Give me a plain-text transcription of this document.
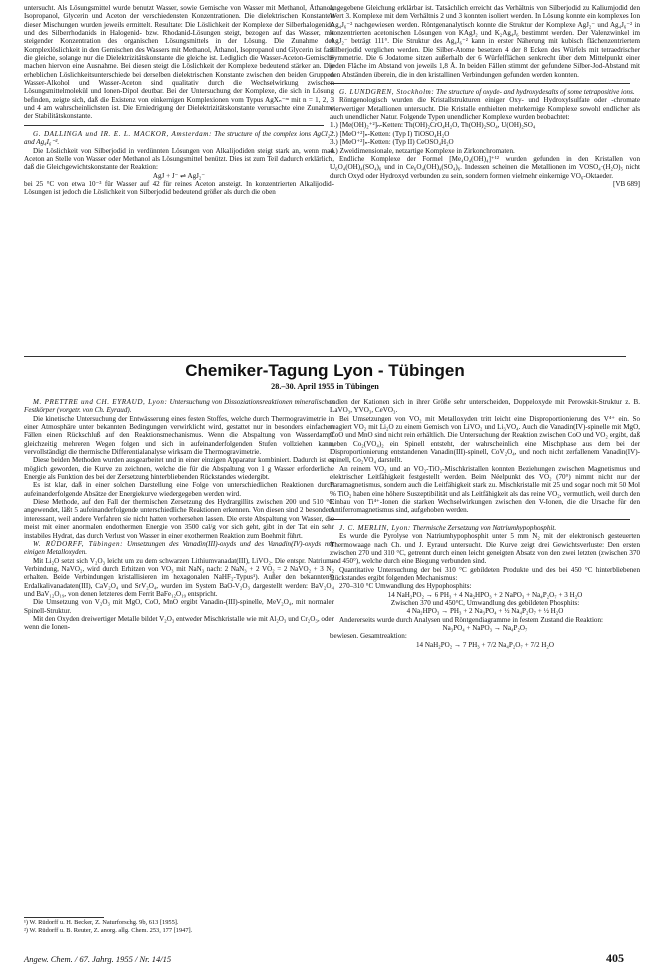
untersucht. Als Lösungsmittel wurde benutzt Wasser, sowie Gemische von Wasser mit Methanol, Äthanol, Isopropanol, Glycerin und Aceton der verschiedensten Konzentrationen. Die dielektrischen Konstanten dieser Mischungen wurden jeweils ermittelt. Resultate: Die Löslichkeit der Komplexe der Silberhalogenide und des Silberrhodanids in Halogenid- bzw. Rhodanid-Lösungen steigt, bezogen auf das Wasser, mit steigender Konzentration des organischen Lösungsmittels in der Lösung. Die Zunahme der Komplexlöslichkeit in den Gemischen des Wassers mit Methanol, Äthanol, Isopropanol und Glycerin ist fast die gleiche, solange nur die Dielektrizitätskonstante die gleiche ist. Lediglich die Wasser-Aceton-Gemische machen hiervon eine Ausnahme. Bei diesen steigt die Löslichkeit der Komplexe bedeutend stärker an. Die erheblichen Löslichkeitsunterschiede bei derselben dielektrischen Konstante zwischen den beiden Gruppen Wasser-Alkohol und Wasser-Aceton sind qualitativ durch die Wechselwirkung zwischen Lösungsmittelmolekül und Ionen-Dipol deutbar. Bei der Untersuchung der Komplexe, die sich in Lösung befinden, zeigte sich, daß die Existenz von einkernigen Komplexionen vom Typus AgXₙ⁻ᵐ mit n = 1, 2, 3 und 4 am wahrscheinlichsten ist. Die Erniedrigung der Dielektrizitätskonstante verursachte eine Zunahme der Stabilitätskonstante.

G. DALLINGA und IR. E. L. MACKOR, Amsterdam: The structure of the complex ions AgCl₂⁻ and Ag₄I₆⁻².

Die Löslichkeit von Silberjodid in verdünnten Lösungen von Alkalijodiden steigt stark an, wenn man Aceton an Stelle von Wasser oder Methanol als Lösungsmittel benützt. Dies ist zum Teil dadurch erklärlich, daß die Gleichgewichtskonstante der Reaktion:

AgJ + J⁻ ⇌ AgJ₂⁻

bei 25 °C von etwa 10⁻³ für Wasser auf 42 für reines Aceton ansteigt. In konzentrierten Alkalijodid-Lösungen ist jedoch die Löslichkeit von Silberjodid bedeutend größer als durch die oben

angegebene Gleichung erklärbar ist. Tatsächlich erreicht das Verhältnis von Silberjodid zu Kaliumjodid den Wert 3. Komplexe mit dem Verhältnis 2 und 3 konnten isoliert werden. In Lösung konnte ein komplexes Ion Ag₄J₆⁻² nachgewiesen werden. Röntgenanalytisch konnte die Struktur der Komplexe AgJ₂⁻ und Ag₄J₆⁻² in konzentrierten acetonischen Lösungen von KAgJ₂ und K₂Ag₄J₆ bestimmt werden. Der Valenzwinkel im AgJ₂⁻ beträgt 111°. Die Struktur des Ag₄J₆⁻² kann in erster Näherung mit kubisch flächenzentriertem Silberjodid verglichen werden. Die Silber-Atome besetzen 4 der 8 Ecken des Würfels mit tetraedrischer Symmetrie. Die 6 Jodatome sitzen außerhalb der 6 Würfelflächen senkrecht über dem Mittelpunkt einer jeden Fläche im Abstand von jeweils 1,8 Å. In beiden Fällen stimmt der gefundene Silber-Jod-Abstand mit den Abständen überein, die in den kristallinen Verbindungen gefunden werden konnten.

G. LUNDGREN, Stockholm: The structure of oxyde- and hydroxydesalts of some tetrapositive ions.

Röntgenologisch wurden die Kristallstrukturen einiger Oxy- und Hydroxylsulfate oder -chromate vierwertiger Metallionen untersucht. Die Kristalle enthielten mehrkernige Komplexe sowohl endlicher als auch unendlicher Natur. Folgende Typen unendlicher Komplexe wurden beobachtet:

1.) [Me(OH)₂⁺²]ₙ-Ketten: Th(OH)₂CrO₄H₂O, Th(OH)₂SO₄, U(OH)₂SO₄

2.) [MeO⁺²]ₙ-Ketten: (Typ I) TiOSO₄H₂O

3.) [MeO⁺²]ₙ-Ketten: (Typ II) CeOSO₄H₂O

4.) Zweidimensionale, netzartige Komplexe in Zirkonchromaten.

Endliche Komplexe der Formel [Me₄O₄(OH)₄]⁺¹² wurden gefunden in den Kristallen von U₆O₄(OH)₄(SO₄)₆ und in Ce₆O₄(OH)₄(SO₄)₆. Indessen scheinen die Metallionen im VOSO₄·(H₂O)₅ nicht durch Oxyd oder Hydroxyd verbunden zu sein, sondern formen vielmehr einkernige VO₆-Oktaeder.
[VB 689]

Chemiker-Tagung Lyon - Tübingen
28.–30. April 1955 in Tübingen

M. PRETTRE und CH. EYRAUD, Lyon: Untersuchung von Dissoziationsreaktionen mineralischer Festkörper (vorgetr. von Ch. Eyraud).

Die kinetische Untersuchung der Entwässerung eines festen Stoffes, welche durch Thermogravimetrie in einer Atmosphäre unter bekannten Bedingungen verwirklicht wird, gestattet nur in besonders einfachen Fällen einen Rückschluß auf den Reaktionsmechanismus. Wenn die Abspaltung von Wasserdampf gleichzeitig mehreren Wegen folgen und sich in aufeinanderfolgenden Stufen vollziehen kann, vervollständigt die thermische Differentialanalyse wirksam die Thermogravimetrie.

Diese beiden Methoden wurden ausgearbeitet und in einer einzigen Apparatur kombiniert. Dadurch ist es möglich geworden, die Kurve zu zeichnen, welche die für die Abspaltung von 1 g Wasser erforderliche Energie als Funktion des bei der Zersetzung hinterbliebenden Rückstandes wiedergibt.

Es ist klar, daß in einer solchen Darstellung eine Folge von unterschiedlichen Reaktionen durch aufeinanderfolgende Absätze der Energiekurve wiedergegeben werden wird.

Diese Methode, auf den Fall der thermischen Zersetzung des Hydrargillits zwischen 200 und 510 °C angewendet, läßt 5 aufeinanderfolgende unterschiedliche Reaktionen erkennen. Von diesen sind 2 besonders interessant, weil andere Verfahren sie nicht hatten vorhersehen lassen. Die erste Abspaltung von Wasser, die meist mit einer anormalen endothermen Energie von 3500 cal/g vor sich geht, gibt in der Tat ein sehr instabiles Hydrat, das durch Verlust von Wasser in einer exothermen Reaktion zum Boehmit führt.

W. RÜDORFF, Tübingen: Umsetzungen des Vanadin(III)-oxyds und des Vanadin(IV)-oxyds mit einigen Metalloxyden.

Mit Li₂O setzt sich V₂O₃ leicht um zu dem schwarzen Lithiumvanadat(III), LiVO₂. Die entspr. Natrium-Verbindung, NaVO₂, wird durch Erhitzen von VO₃ mit NaN₃ nach: 2 NaN₃ + 2 VO₂ = 2 NaVO₂ + 3 N₂ erhalten. Beide Verbindungen kristallisieren im hexagonalen NaHF₂-Typus¹). Außer den bekannten²) Erdalkalivanadaten(III), CaV₂O₄ und SrV₂O₄, wurden im System BaO-V₂O₃ dargestellt werden: BaV₂O₄ und BaV₁₂O₁₉, von denen letzteres dem Ferrit BaFe₁₂O₁₉ entspricht.

Die Umsetzung von V₂O₃ mit MgO, CoO, MnO ergibt Vanadin-(III)-spinelle, MeV₂O₄, mit normaler Spinell-Struktur.

Mit den Oxyden dreiwertiger Metalle bildet V₂O₃ entweder Mischkristalle wie mit Al₂O₃ und Cr₂O₃, oder wenn die Ionen-

¹) W. Rüdorff u. H. Becker, Z. Naturforschg. 9b, 613 [1955].
²) W. Rüdorff u. B. Reuter, Z. anorg. allg. Chem. 253, 177 [1947].

radien der Kationen sich in ihrer Größe sehr unterscheiden, Doppeloxyde mit Perowskit-Struktur z. B. LaVO₃, YVO₃, CeVO₃.

Bei Umsetzungen von VO₂ mit Metalloxyden tritt leicht eine Disproportionierung des V⁴⁺ ein. So reagiert VO₂ mit Li₂O zu einem Gemisch von LiVO₂ und Li₃VO₄. Auch die Vanadin(IV)-spinelle mit MgO, CoO und MnO sind nicht rein erhältlich. Die Untersuchung der Reaktion zwischen CoO und VO₂ ergibt, daß neben Co₂(VO₄)₂ ein Spinell entsteht, der wahrscheinlich eine Mischphase aus dem bei der Disproportionierung entstandenen Vanadin(III)-spinell, CoV₂O₄, und noch nicht zerfallenem Vanadin(IV)-spinell, Co₂VO₄ darstellt.

An reinem VO₂ und an VO₂-TiO₂-Mischkristallen konnten Beziehungen zwischen Magnetismus und elektrischer Leitfähigkeit festgestellt werden. Beim Néelpunkt des VO₂ (70°) nimmt nicht nur der Paramagnetismus, sondern auch die Leitfähigkeit stark zu. Mischkristalle mit 25 und sogar noch mit 50 Mol % TiO₂ haben eine höhere Suszeptibilität und als Leitfähigkeit als das reine VO₂, vermutlich, weil durch den Einbau von Ti⁴⁺-Ionen die starken Wechselwirkungen zwischen den V-Ionen, die die Ursache für den Antiferromagnetismus sind, aufgehoben werden.

J. C. MERLIN, Lyon: Thermische Zersetzung von Natriumhypophosphit.

Es wurde die Pyrolyse von Natriumhypophosphit unter 5 mm N₂ mit der elektronisch gesteuerten Thermowaage nach Ch. und J. Eyraud untersucht. Die Kurve zeigt drei Gewichtsverluste: Den ersten zwischen 270 und 310 °C, getrennt durch einen leicht geneigten Absatz von den zwei letzten (zwischen 370 und 450°), welche durch eine Biegung verbunden sind.

Quantitative Untersuchung der bei 310 °C gebildeten Produkte und des bei 450 °C hinterbliebenen Rückstandes ergibt folgenden Mechanismus:

270–310 °C Umwandlung des Hypophosphits:

14 NaH₂PO₂ → 6 PH₃ + 4 Na₂HPO₃ + 2 NaPO₃ + Na₄P₂O₇ + 3 H₂O

Zwischen 370 und 450°C, Umwandlung des gebildeten Phosphits:

4 Na₂HPO₃ → PH₃ + 2 Na₃PO₄ + ½ Na₄P₂O₇ + ½ H₂O

Andererseits wurde durch Analysen und Röntgendiagramme in festem Zustand die Reaktion:

Na₃PO₄ + NaPO₃ → Na₄P₂O₇

bewiesen. Gesamtreaktion:

14 NaH₂PO₂ → 7 PH₃ + 7/2 Na₄P₂O₇ + 7/2 H₂O

Angew. Chem. / 67. Jahrg. 1955 / Nr. 14/15	405
